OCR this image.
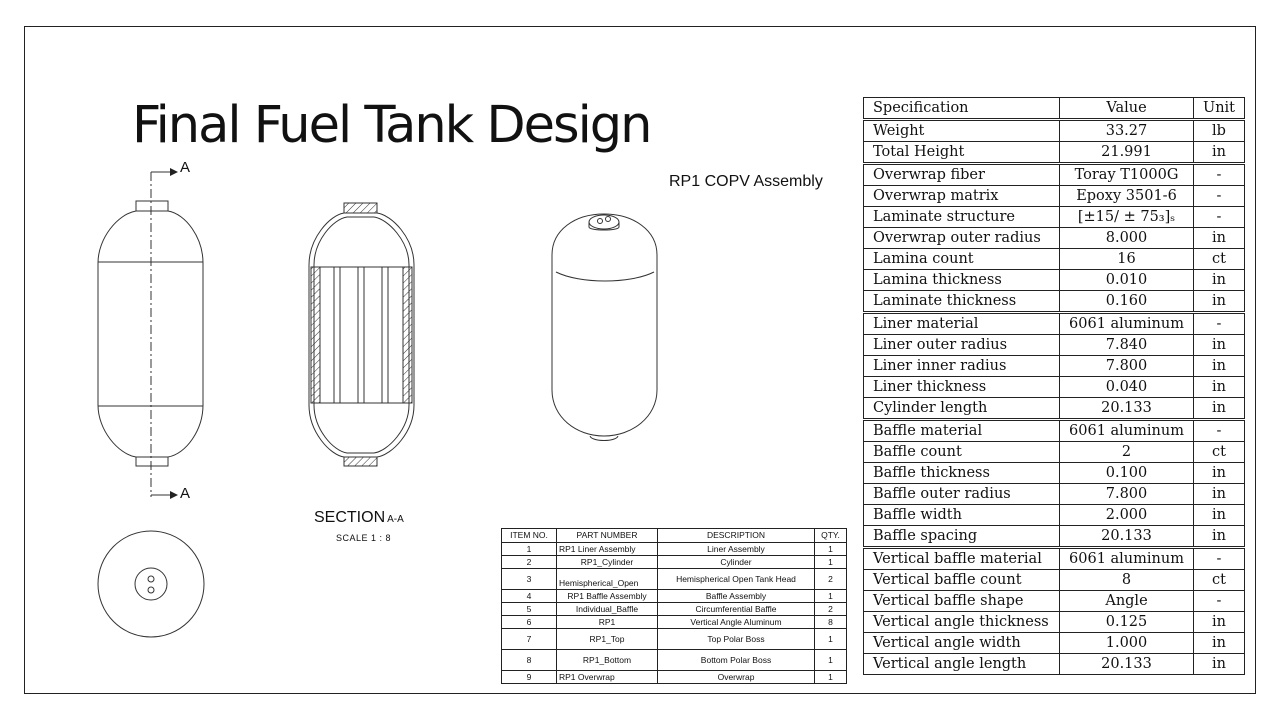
Final Fuel Tank Design
RP1 COPV Assembly
SECTION A-A
SCALE 1 : 8
A
A
ITEM NO.	PART NUMBER	DESCRIPTION	QTY.
1	RP1 Liner Assembly	Liner Assembly	1
2	RP1_Cylinder	Cylinder	1
3	Hemispherical_Open	Hemispherical Open Tank Head	2
4	RP1 Baffle Assembly	Baffle Assembly	1
5	Individual_Baffle	Circumferential Baffle	2
6	RP1	Vertical Angle Aluminum	8
7	RP1_Top	Top Polar Boss	1
8	RP1_Bottom	Bottom Polar Boss	1
9	RP1 Overwrap	Overwrap	1
Specification	Value	Unit
Weight	33.27	lb
Total Height	21.991	in
Overwrap fiber	Toray T1000G	-
Overwrap matrix	Epoxy 3501-6	-
Laminate structure	[±15/ ± 75₃]ₛ	-
Overwrap outer radius	8.000	in
Lamina count	16	ct
Lamina thickness	0.010	in
Laminate thickness	0.160	in
Liner material	6061 aluminum	-
Liner outer radius	7.840	in
Liner inner radius	7.800	in
Liner thickness	0.040	in
Cylinder length	20.133	in
Baffle material	6061 aluminum	-
Baffle count	2	ct
Baffle thickness	0.100	in
Baffle outer radius	7.800	in
Baffle width	2.000	in
Baffle spacing	20.133	in
Vertical baffle material	6061 aluminum	-
Vertical baffle count	8	ct
Vertical baffle shape	Angle	-
Vertical angle thickness	0.125	in
Vertical angle width	1.000	in
Vertical angle length	20.133	in
